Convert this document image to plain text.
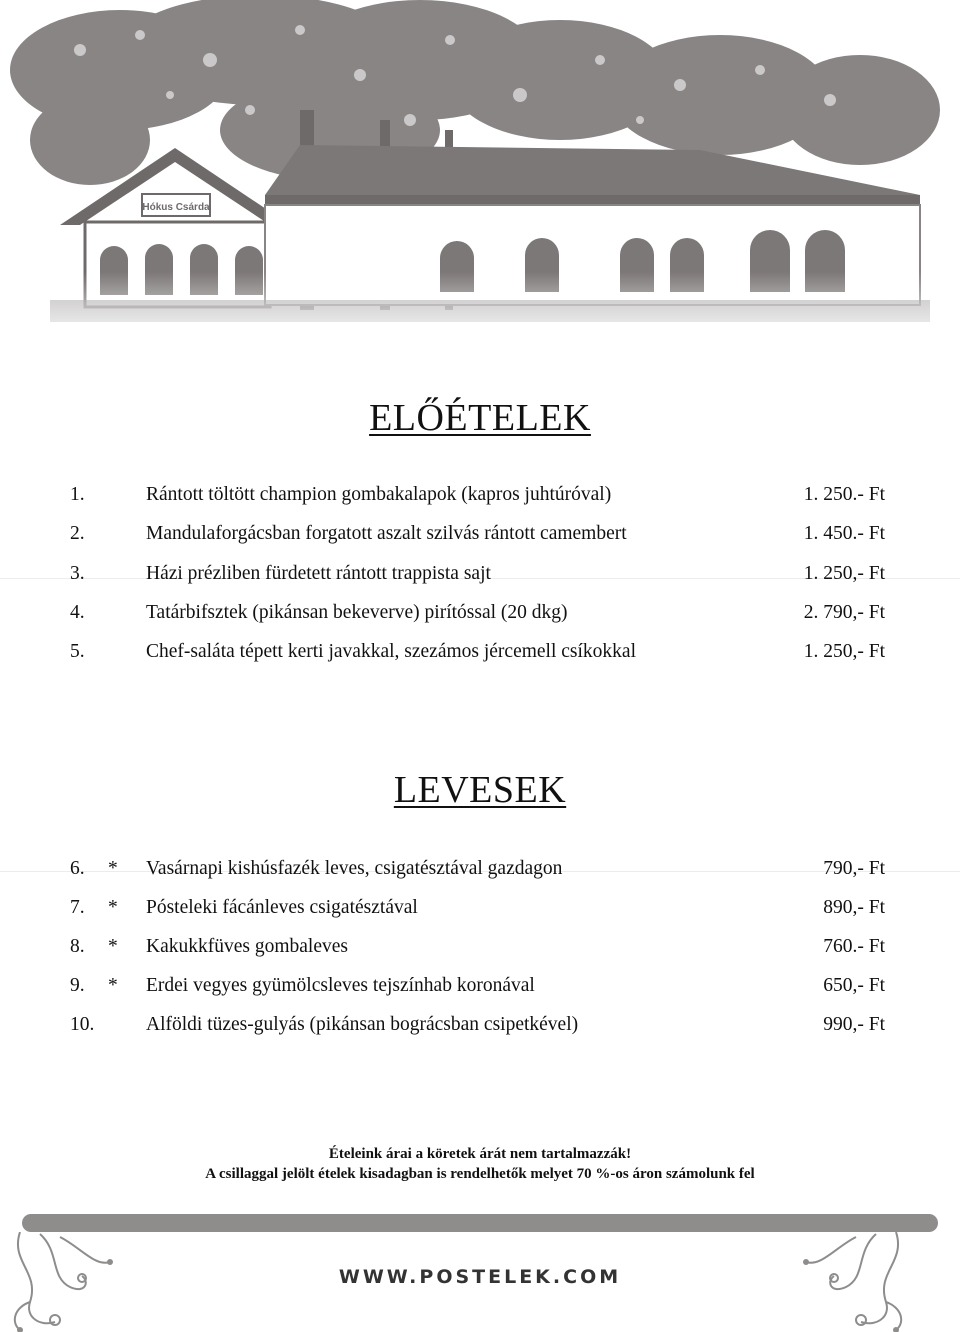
ELŐÉTELEK
1.	Rántott töltött champion gombakalapok (kapros juhtúróval)	1. 250.- Ft
2.	Mandulaforgácsban forgatott aszalt szilvás rántott camembert	1. 450.- Ft
3.	Házi prézliben fürdetett rántott trappista sajt	1. 250,- Ft
4.	Tatárbifsztek (pikánsan bekeverve) pirítóssal (20 dkg)	2. 790,- Ft
5.	Chef-saláta tépett kerti javakkal, szezámos jércemell csíkokkal	1. 250,- Ft
LEVESEK
6. * Vasárnapi kishúsfazék leves, csigatésztával gazdagon	790,- Ft
7. * Pósteleki fácánleves csigatésztával	890,- Ft
8. * Kakukkfüves gombaleves	760.- Ft
9. * Erdei vegyes gyümölcsleves tejszínhab koronával	650,- Ft
10.	Alföldi tüzes-gulyás (pikánsan bográcsban csipetkével)	990,- Ft
Ételeink árai a köretek árát nem tartalmazzák!
A csillaggal jelölt ételek kisadagban is rendelhetők melyet 70 %-os áron számolunk fel
WWW.POSTELEK.COM
